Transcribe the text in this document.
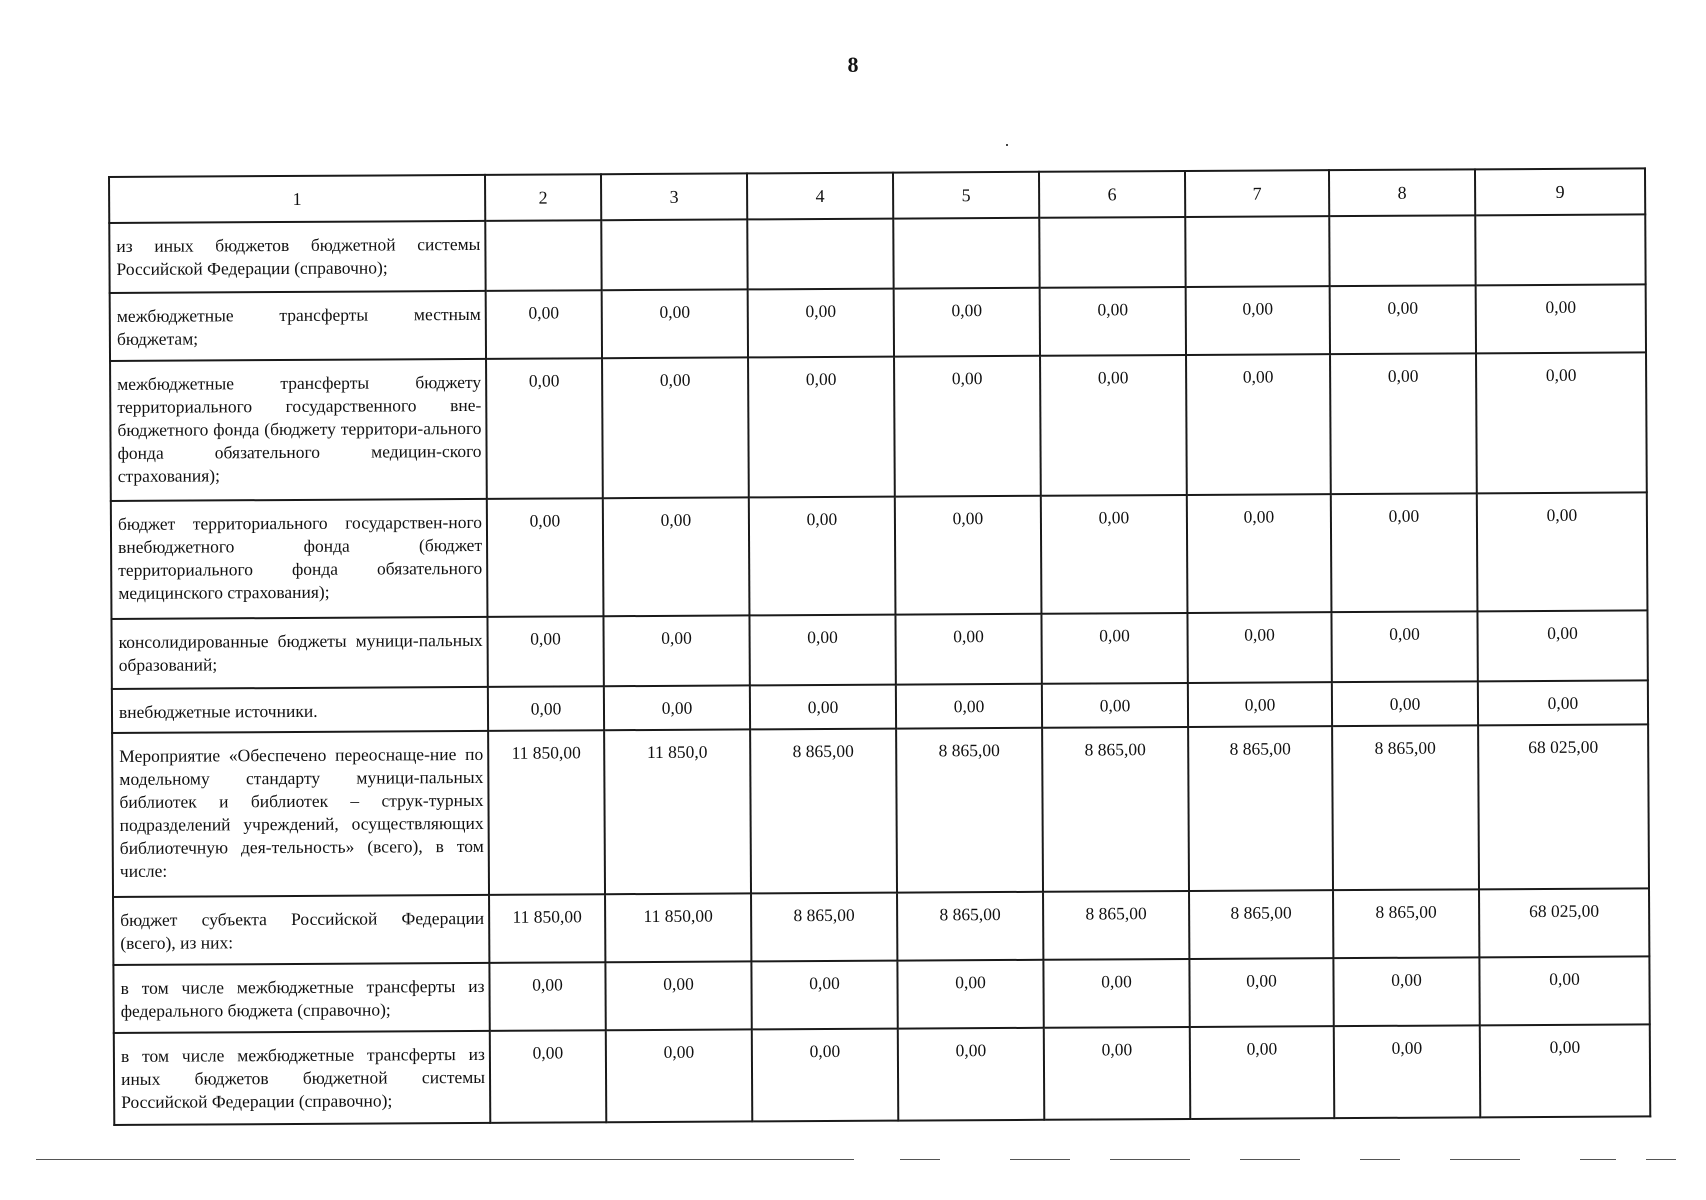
8
1	2	3	4	5	6	7	8	9
из иных бюджетов бюджетной системы Российской Федерации (справочно);								
межбюджетные трансферты местным бюджетам;	0,00	0,00	0,00	0,00	0,00	0,00	0,00	0,00
межбюджетные трансферты бюджету территориального государственного вне-бюджетного фонда (бюджету территори-ального фонда обязательного медицин-ского страхования);	0,00	0,00	0,00	0,00	0,00	0,00	0,00	0,00
бюджет территориального государствен-ного внебюджетного фонда (бюджет территориального фонда обязательного медицинского страхования);	0,00	0,00	0,00	0,00	0,00	0,00	0,00	0,00
консолидированные бюджеты муници-пальных образований;	0,00	0,00	0,00	0,00	0,00	0,00	0,00	0,00
внебюджетные источники.	0,00	0,00	0,00	0,00	0,00	0,00	0,00	0,00
Мероприятие «Обеспечено переоснаще-ние по модельному стандарту муници-пальных библиотек и библиотек – струк-турных подразделений учреждений, осуществляющих библиотечную дея-тельность» (всего), в том числе:	11 850,00	11 850,0	8 865,00	8 865,00	8 865,00	8 865,00	8 865,00	68 025,00
бюджет субъекта Российской Федерации (всего), из них:	11 850,00	11 850,00	8 865,00	8 865,00	8 865,00	8 865,00	8 865,00	68 025,00
в том числе межбюджетные трансферты из федерального бюджета (справочно);	0,00	0,00	0,00	0,00	0,00	0,00	0,00	0,00
в том числе межбюджетные трансферты из иных бюджетов бюджетной системы Российской Федерации (справочно);	0,00	0,00	0,00	0,00	0,00	0,00	0,00	0,00
